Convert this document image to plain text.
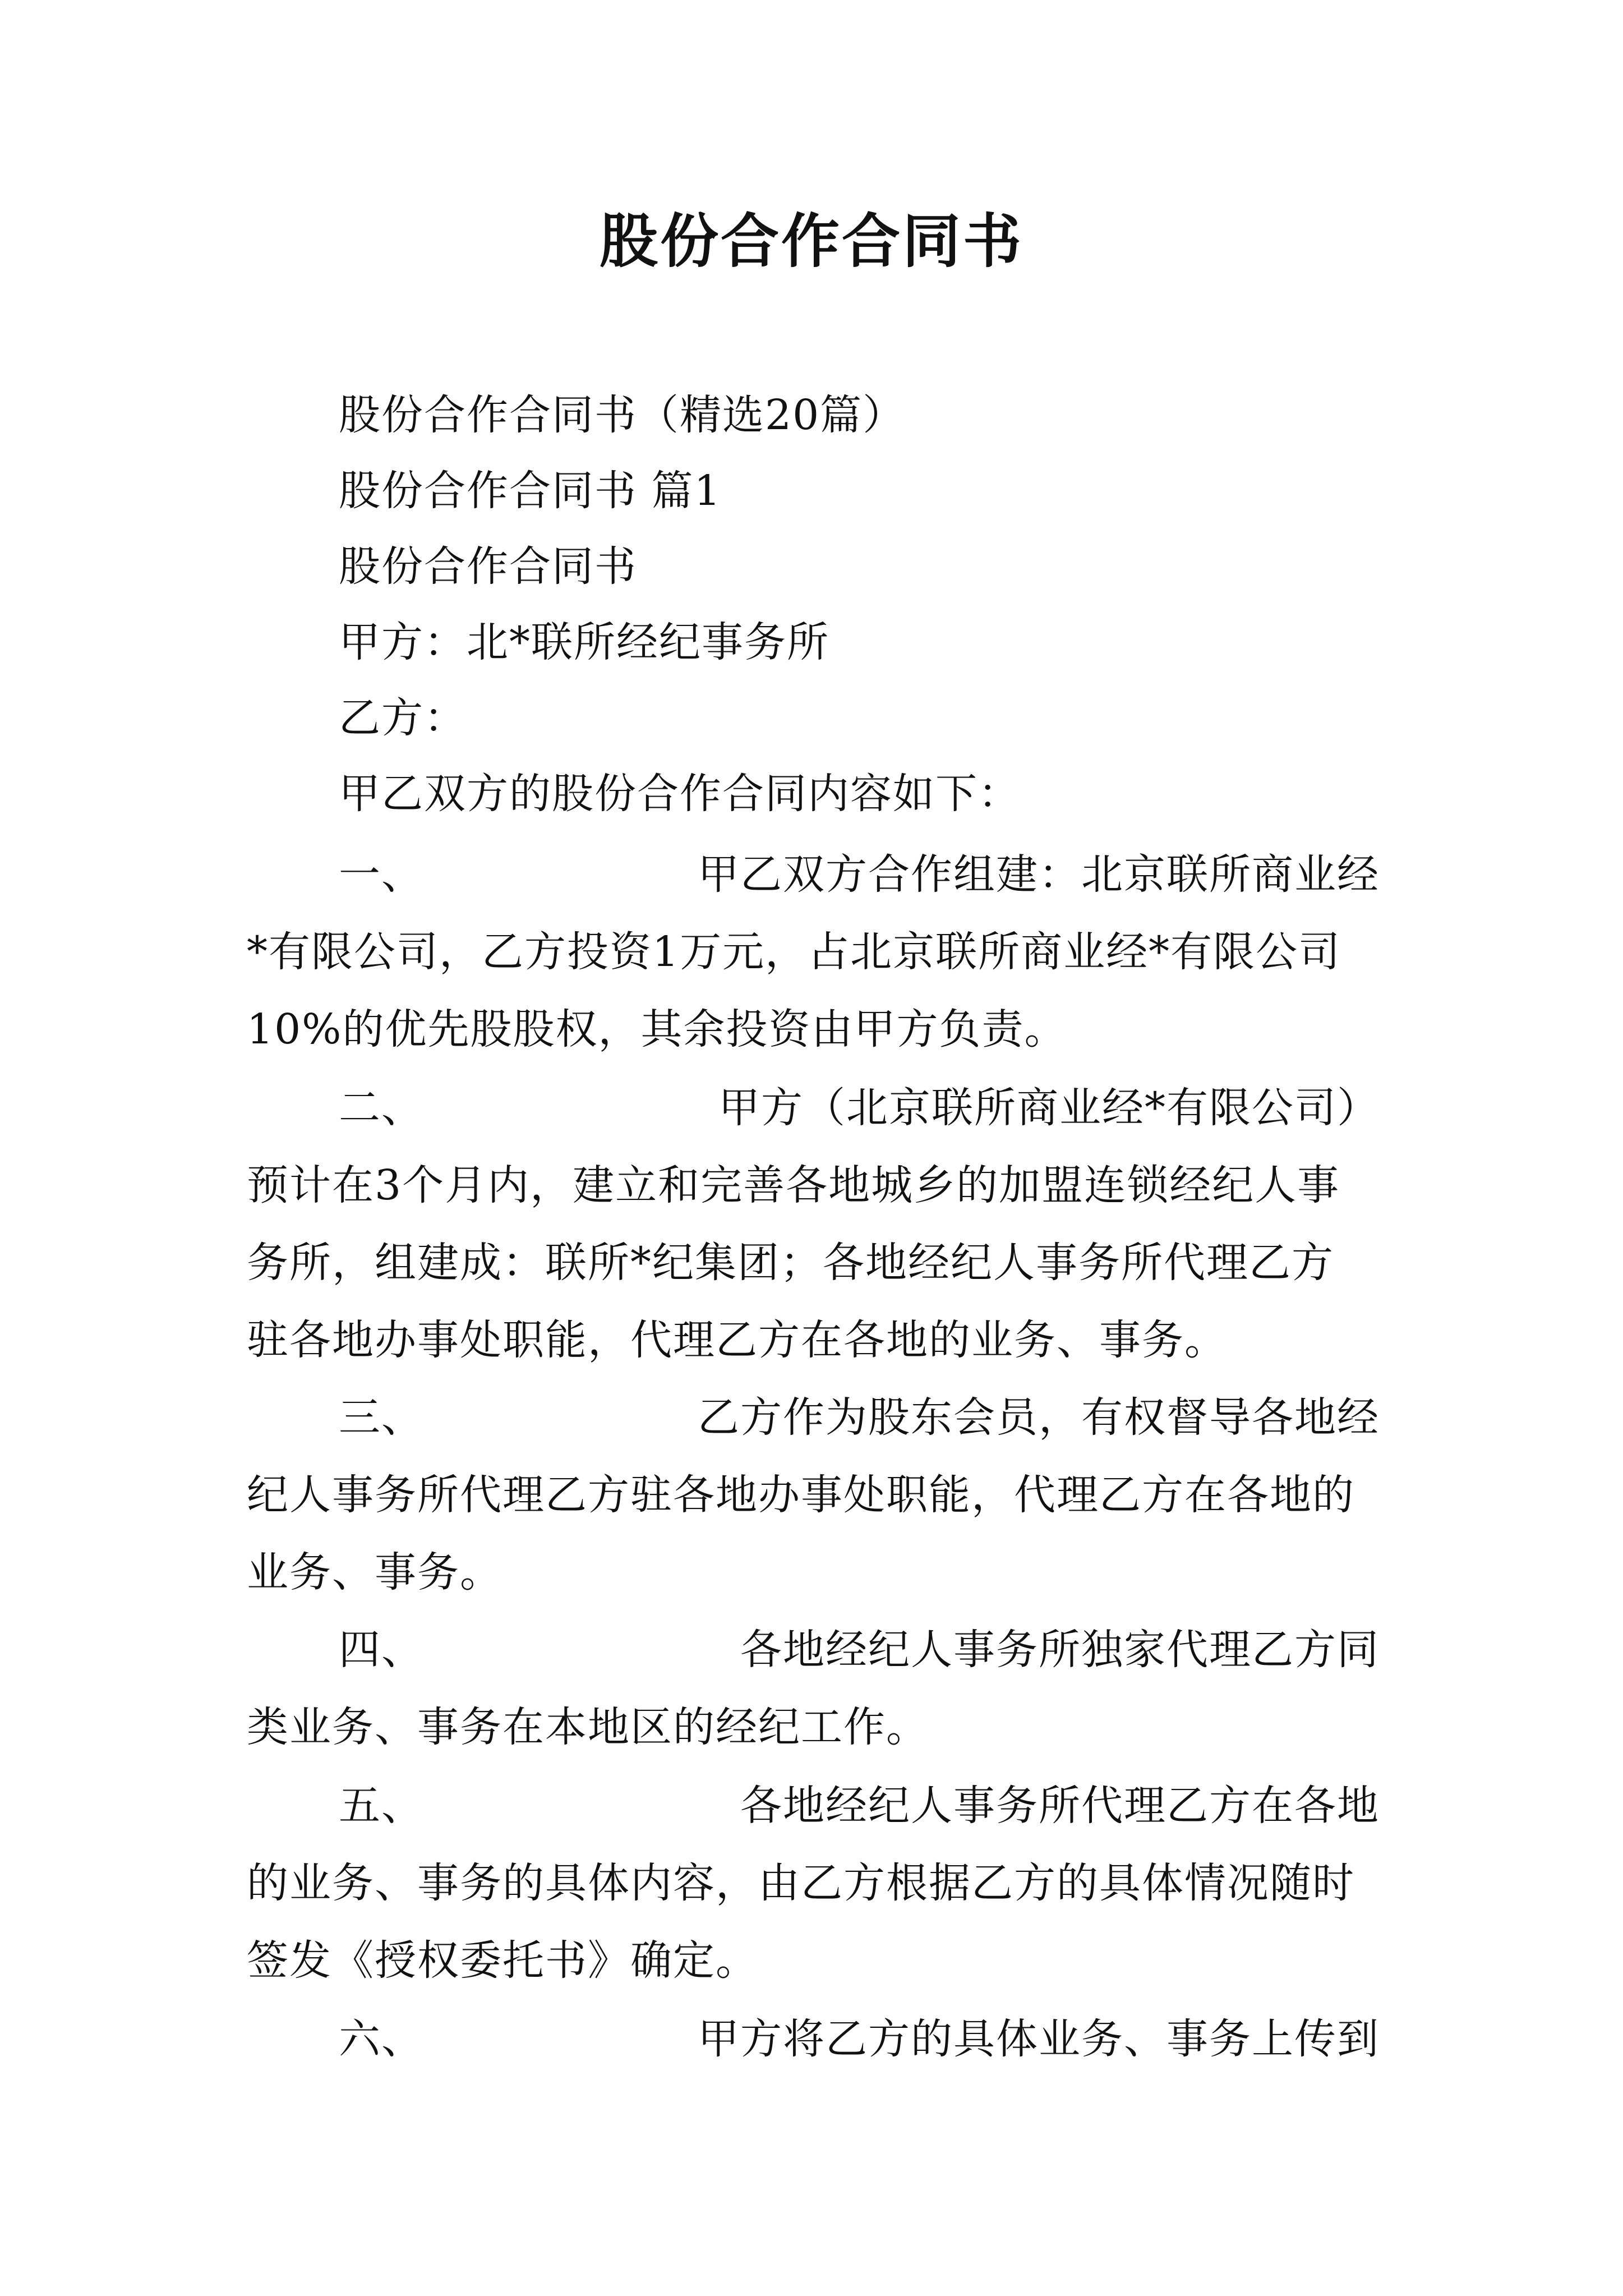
股份合作合同书
股份合作合同书（精选20篇）
股份合作合同书 篇1
股份合作合同书
甲方：北*联所经纪事务所
乙方：
甲乙双方的股份合作合同内容如下：
一、	甲乙双方合作组建：北京联所商业经
*有限公司，乙方投资1万元，占北京联所商业经*有限公司
10%的优先股股权，其余投资由甲方负责。
二、	甲方（北京联所商业经*有限公司）
预计在3个月内，建立和完善各地城乡的加盟连锁经纪人事
务所，组建成：联所*纪集团；各地经纪人事务所代理乙方
驻各地办事处职能，代理乙方在各地的业务、事务。
三、	乙方作为股东会员，有权督导各地经
纪人事务所代理乙方驻各地办事处职能，代理乙方在各地的
业务、事务。
四、	各地经纪人事务所独家代理乙方同
类业务、事务在本地区的经纪工作。
五、	各地经纪人事务所代理乙方在各地
的业务、事务的具体内容，由乙方根据乙方的具体情况随时
签发《授权委托书》确定。
六、	甲方将乙方的具体业务、事务上传到
